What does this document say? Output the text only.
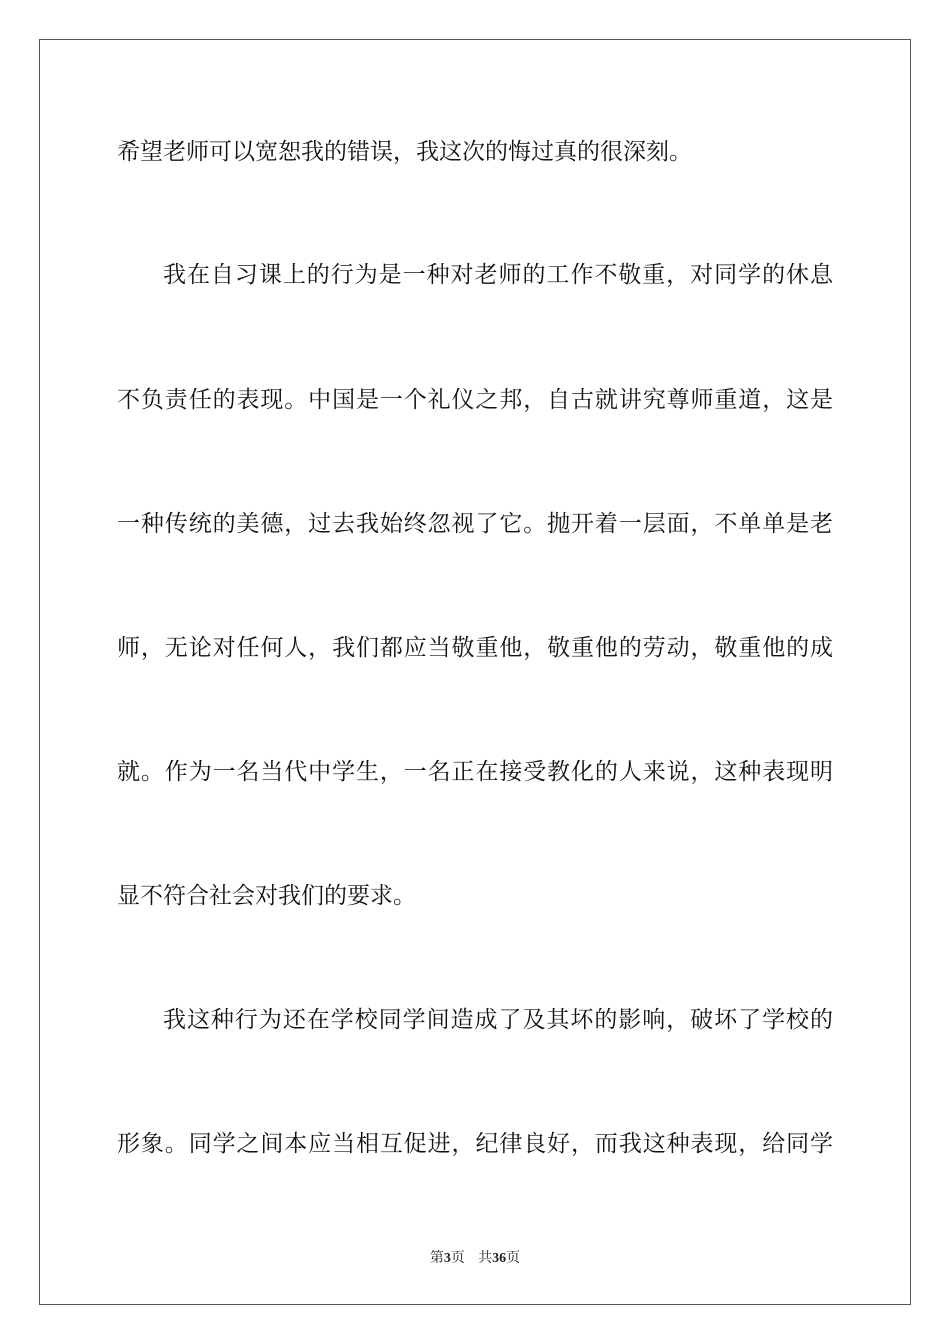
希望老师可以宽恕我的错误，我这次的悔过真的很深刻。
我在自习课上的行为是一种对老师的工作不敬重，对同学的休息
不负责任的表现。中国是一个礼仪之邦，自古就讲究尊师重道，这是
一种传统的美德，过去我始终忽视了它。抛开着一层面，不单单是老
师，无论对任何人，我们都应当敬重他，敬重他的劳动，敬重他的成
就。作为一名当代中学生，一名正在接受教化的人来说，这种表现明
显不符合社会对我们的要求。
我这种行为还在学校同学间造成了及其坏的影响，破坏了学校的
形象。同学之间本应当相互促进，纪律良好，而我这种表现，给同学
第3页 共36页
